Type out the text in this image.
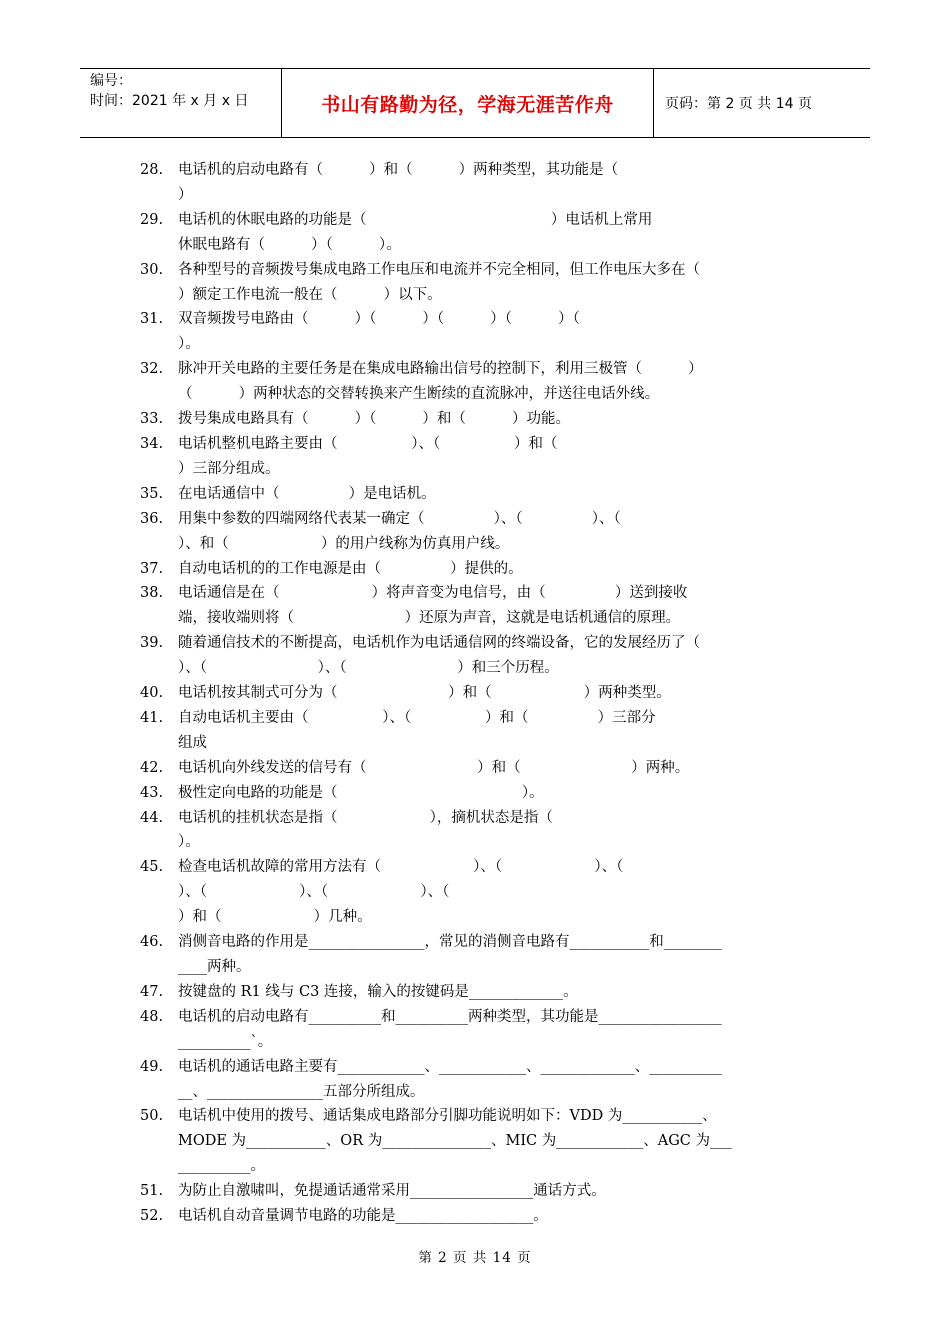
编号：
时间：2021 年 x 月 x 日	书山有路勤为径，学海无涯苦作舟	页码：第 2 页 共 14 页
28.	电话机的启动电路有（          ）和（          ）两种类型，其功能是（
）
29.	电话机的休眠电路的功能是（                                        ）电话机上常用
休眠电路有（          ）（          ）。
30.	各种型号的音频拨号集成电路工作电压和电流并不完全相同，但工作电压大多在（
）额定工作电流一般在（          ）以下。
31.	双音频拨号电路由（          ）（          ）（          ）（          ）（
）。
32.	脉冲开关电路的主要任务是在集成电路输出信号的控制下，利用三极管（          ）
（          ）两种状态的交替转换来产生断续的直流脉冲，并送往电话外线。
33.	拨号集成电路具有（          ）（          ）和（          ）功能。
34.	电话机整机电路主要由（                ）、（                ）和（
）三部分组成。
35.	在电话通信中（               ）是电话机。
36.	用集中参数的四端网络代表某一确定（               ）、（               ）、（
）、和（                    ）的用户线称为仿真用户线。
37.	自动电话机的的工作电源是由（               ）提供的。
38.	电话通信是在（                    ）将声音变为电信号，由（               ）送到接收
端，接收端则将（                        ）还原为声音，这就是电话机通信的原理。
39.	随着通信技术的不断提高，电话机作为电话通信网的终端设备，它的发展经历了（
）、（                        ）、（                        ）和三个历程。
40.	电话机按其制式可分为（                        ）和（                    ）两种类型。
41.	自动电话机主要由（                ）、（                ）和（               ）三部分
组成
42.	电话机向外线发送的信号有（                        ）和（                        ）两种。
43.	极性定向电路的功能是（                                        ）。
44.	电话机的挂机状态是指（                    ），摘机状态是指（
）。
45.	检查电话机故障的常用方法有（                    ）、（                    ）、（
）、（                    ）、（                    ）、（
）和（                    ）几种。
46.	消侧音电路的作用是________________，常见的消侧音电路有___________和________
____两种。
47.	按键盘的 R1 线与 C3 连接，输入的按键码是_____________。
48.	电话机的启动电路有__________和__________两种类型，其功能是_________________
__________`。
49.	电话机的通话电路主要有____________、____________、_____________、__________
__、________________五部分所组成。
50.	电话机中使用的拨号、通话集成电路部分引脚功能说明如下：VDD 为___________、
MODE 为___________、OR 为_______________、MIC 为____________、AGC 为___
__________。
51.	为防止自激啸叫，免提通话通常采用_________________通话方式。
52.	电话机自动音量调节电路的功能是___________________。
第 2 页 共 14 页
